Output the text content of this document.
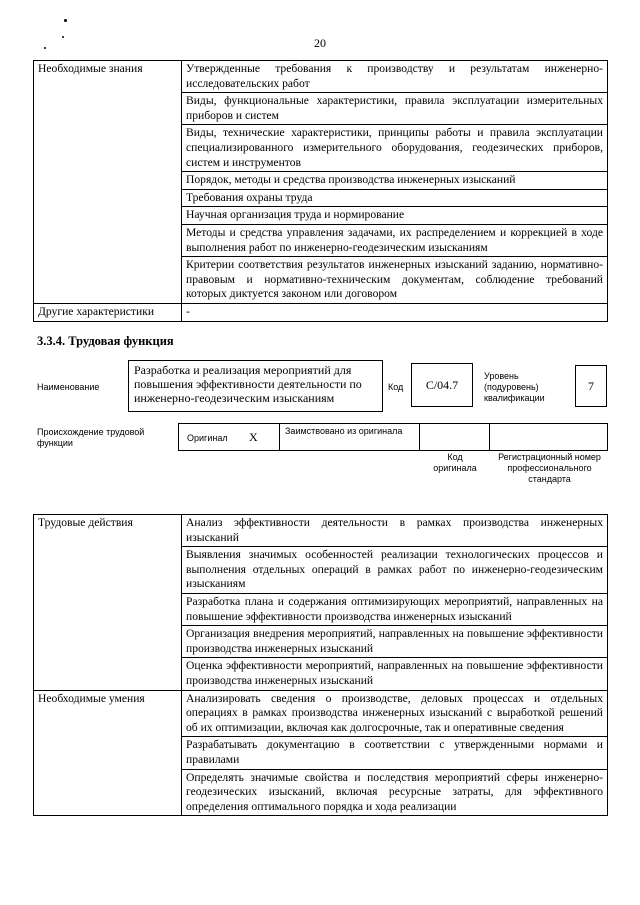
20
Необходимые знания	Утвержденные требования к производству и результатам инженерно-исследовательских работ
	Виды, функциональные характеристики, правила эксплуатации измерительных приборов и систем
	Виды, технические характеристики, принципы работы и правила эксплуатации специализированного измерительного оборудования, геодезических приборов, систем и инструментов
	Порядок, методы и средства производства инженерных изысканий
	Требования охраны труда
	Научная организация труда и нормирование
	Методы и средства управления задачами, их распределением и коррекцией в ходе выполнения работ по инженерно-геодезическим изысканиям
	Критерии соответствия результатов инженерных изысканий заданию, нормативно-правовым и нормативно-техническим документам, соблюдение требований которых диктуется законом или договором
Другие характеристики	-
3.3.4. Трудовая функция
Наименование
Разработка и реализация мероприятий для повышения эффективности деятельности по инженерно-геодезическим изысканиям
Код C/04.7
Уровень (подуровень) квалификации
7
Происхождение трудовой функции	Оригинал X	Заимствовано из оригинала
Код оригинала
Регистрационный номер профессионального стандарта
Трудовые действия	Анализ эффективности деятельности в рамках производства инженерных изысканий
	Выявления значимых особенностей реализации технологических процессов и выполнения отдельных операций в рамках работ по инженерно-геодезическим изысканиям
	Разработка плана и содержания оптимизирующих мероприятий, направленных на повышение эффективности производства инженерных изысканий
	Организация внедрения мероприятий, направленных на повышение эффективности производства инженерных изысканий
	Оценка эффективности мероприятий, направленных на повышение эффективности производства инженерных изысканий
Необходимые умения	Анализировать сведения о производстве, деловых процессах и отдельных операциях в рамках производства инженерных изысканий с выработкой решений об их оптимизации, включая как долгосрочные, так и оперативные сведения
	Разрабатывать документацию в соответствии с утвержденными нормами и правилами
	Определять значимые свойства и последствия мероприятий сферы инженерно-геодезических изысканий, включая ресурсные затраты, для эффективного определения оптимального порядка и хода реализации
